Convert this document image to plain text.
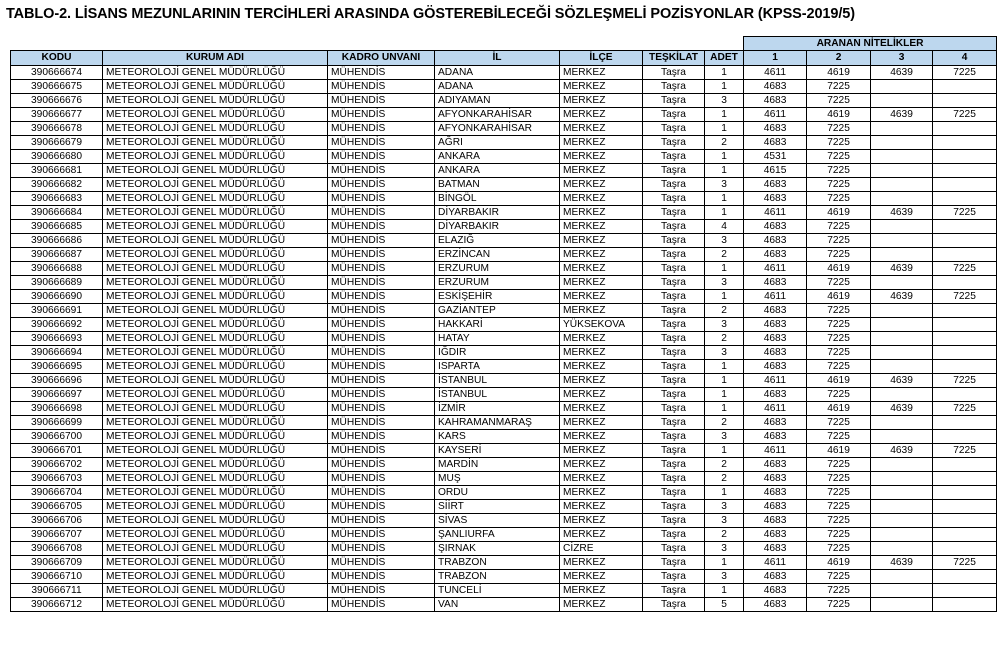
TABLO-2. LİSANS MEZUNLARININ TERCİHLERİ ARASINDA GÖSTEREBİLECEĞİ SÖZLEŞMELİ POZİSYONLAR (KPSS-2019/5)
							ARANAN NİTELİKLER			
KODU	KURUM ADI	KADRO UNVANI	İL	İLÇE	TEŞKİLAT	ADET	1	2	3	4
390666674	METEOROLOJİ GENEL MÜDÜRLÜĞÜ	MÜHENDİS	ADANA	MERKEZ	Taşra	1	4611	4619	4639	7225
390666675	METEOROLOJİ GENEL MÜDÜRLÜĞÜ	MÜHENDİS	ADANA	MERKEZ	Taşra	1	4683	7225		
390666676	METEOROLOJİ GENEL MÜDÜRLÜĞÜ	MÜHENDİS	ADIYAMAN	MERKEZ	Taşra	3	4683	7225		
390666677	METEOROLOJİ GENEL MÜDÜRLÜĞÜ	MÜHENDİS	AFYONKARAHİSAR	MERKEZ	Taşra	1	4611	4619	4639	7225
390666678	METEOROLOJİ GENEL MÜDÜRLÜĞÜ	MÜHENDİS	AFYONKARAHİSAR	MERKEZ	Taşra	1	4683	7225		
390666679	METEOROLOJİ GENEL MÜDÜRLÜĞÜ	MÜHENDİS	AĞRI	MERKEZ	Taşra	2	4683	7225		
390666680	METEOROLOJİ GENEL MÜDÜRLÜĞÜ	MÜHENDİS	ANKARA	MERKEZ	Taşra	1	4531	7225		
390666681	METEOROLOJİ GENEL MÜDÜRLÜĞÜ	MÜHENDİS	ANKARA	MERKEZ	Taşra	1	4615	7225		
390666682	METEOROLOJİ GENEL MÜDÜRLÜĞÜ	MÜHENDİS	BATMAN	MERKEZ	Taşra	3	4683	7225		
390666683	METEOROLOJİ GENEL MÜDÜRLÜĞÜ	MÜHENDİS	BİNGÖL	MERKEZ	Taşra	1	4683	7225		
390666684	METEOROLOJİ GENEL MÜDÜRLÜĞÜ	MÜHENDİS	DİYARBAKIR	MERKEZ	Taşra	1	4611	4619	4639	7225
390666685	METEOROLOJİ GENEL MÜDÜRLÜĞÜ	MÜHENDİS	DİYARBAKIR	MERKEZ	Taşra	4	4683	7225		
390666686	METEOROLOJİ GENEL MÜDÜRLÜĞÜ	MÜHENDİS	ELAZIĞ	MERKEZ	Taşra	3	4683	7225		
390666687	METEOROLOJİ GENEL MÜDÜRLÜĞÜ	MÜHENDİS	ERZİNCAN	MERKEZ	Taşra	2	4683	7225		
390666688	METEOROLOJİ GENEL MÜDÜRLÜĞÜ	MÜHENDİS	ERZURUM	MERKEZ	Taşra	1	4611	4619	4639	7225
390666689	METEOROLOJİ GENEL MÜDÜRLÜĞÜ	MÜHENDİS	ERZURUM	MERKEZ	Taşra	3	4683	7225		
390666690	METEOROLOJİ GENEL MÜDÜRLÜĞÜ	MÜHENDİS	ESKİŞEHİR	MERKEZ	Taşra	1	4611	4619	4639	7225
390666691	METEOROLOJİ GENEL MÜDÜRLÜĞÜ	MÜHENDİS	GAZİANTEP	MERKEZ	Taşra	2	4683	7225		
390666692	METEOROLOJİ GENEL MÜDÜRLÜĞÜ	MÜHENDİS	HAKKARİ	YÜKSEKOVA	Taşra	3	4683	7225		
390666693	METEOROLOJİ GENEL MÜDÜRLÜĞÜ	MÜHENDİS	HATAY	MERKEZ	Taşra	2	4683	7225		
390666694	METEOROLOJİ GENEL MÜDÜRLÜĞÜ	MÜHENDİS	IĞDIR	MERKEZ	Taşra	3	4683	7225		
390666695	METEOROLOJİ GENEL MÜDÜRLÜĞÜ	MÜHENDİS	ISPARTA	MERKEZ	Taşra	1	4683	7225		
390666696	METEOROLOJİ GENEL MÜDÜRLÜĞÜ	MÜHENDİS	İSTANBUL	MERKEZ	Taşra	1	4611	4619	4639	7225
390666697	METEOROLOJİ GENEL MÜDÜRLÜĞÜ	MÜHENDİS	İSTANBUL	MERKEZ	Taşra	1	4683	7225		
390666698	METEOROLOJİ GENEL MÜDÜRLÜĞÜ	MÜHENDİS	İZMİR	MERKEZ	Taşra	1	4611	4619	4639	7225
390666699	METEOROLOJİ GENEL MÜDÜRLÜĞÜ	MÜHENDİS	KAHRAMANMARAŞ	MERKEZ	Taşra	2	4683	7225		
390666700	METEOROLOJİ GENEL MÜDÜRLÜĞÜ	MÜHENDİS	KARS	MERKEZ	Taşra	3	4683	7225		
390666701	METEOROLOJİ GENEL MÜDÜRLÜĞÜ	MÜHENDİS	KAYSERİ	MERKEZ	Taşra	1	4611	4619	4639	7225
390666702	METEOROLOJİ GENEL MÜDÜRLÜĞÜ	MÜHENDİS	MARDİN	MERKEZ	Taşra	2	4683	7225		
390666703	METEOROLOJİ GENEL MÜDÜRLÜĞÜ	MÜHENDİS	MUŞ	MERKEZ	Taşra	2	4683	7225		
390666704	METEOROLOJİ GENEL MÜDÜRLÜĞÜ	MÜHENDİS	ORDU	MERKEZ	Taşra	1	4683	7225		
390666705	METEOROLOJİ GENEL MÜDÜRLÜĞÜ	MÜHENDİS	SİİRT	MERKEZ	Taşra	3	4683	7225		
390666706	METEOROLOJİ GENEL MÜDÜRLÜĞÜ	MÜHENDİS	SİVAS	MERKEZ	Taşra	3	4683	7225		
390666707	METEOROLOJİ GENEL MÜDÜRLÜĞÜ	MÜHENDİS	ŞANLIURFA	MERKEZ	Taşra	2	4683	7225		
390666708	METEOROLOJİ GENEL MÜDÜRLÜĞÜ	MÜHENDİS	ŞIRNAK	CİZRE	Taşra	3	4683	7225		
390666709	METEOROLOJİ GENEL MÜDÜRLÜĞÜ	MÜHENDİS	TRABZON	MERKEZ	Taşra	1	4611	4619	4639	7225
390666710	METEOROLOJİ GENEL MÜDÜRLÜĞÜ	MÜHENDİS	TRABZON	MERKEZ	Taşra	3	4683	7225		
390666711	METEOROLOJİ GENEL MÜDÜRLÜĞÜ	MÜHENDİS	TUNCELİ	MERKEZ	Taşra	1	4683	7225		
390666712	METEOROLOJİ GENEL MÜDÜRLÜĞÜ	MÜHENDİS	VAN	MERKEZ	Taşra	5	4683	7225		
